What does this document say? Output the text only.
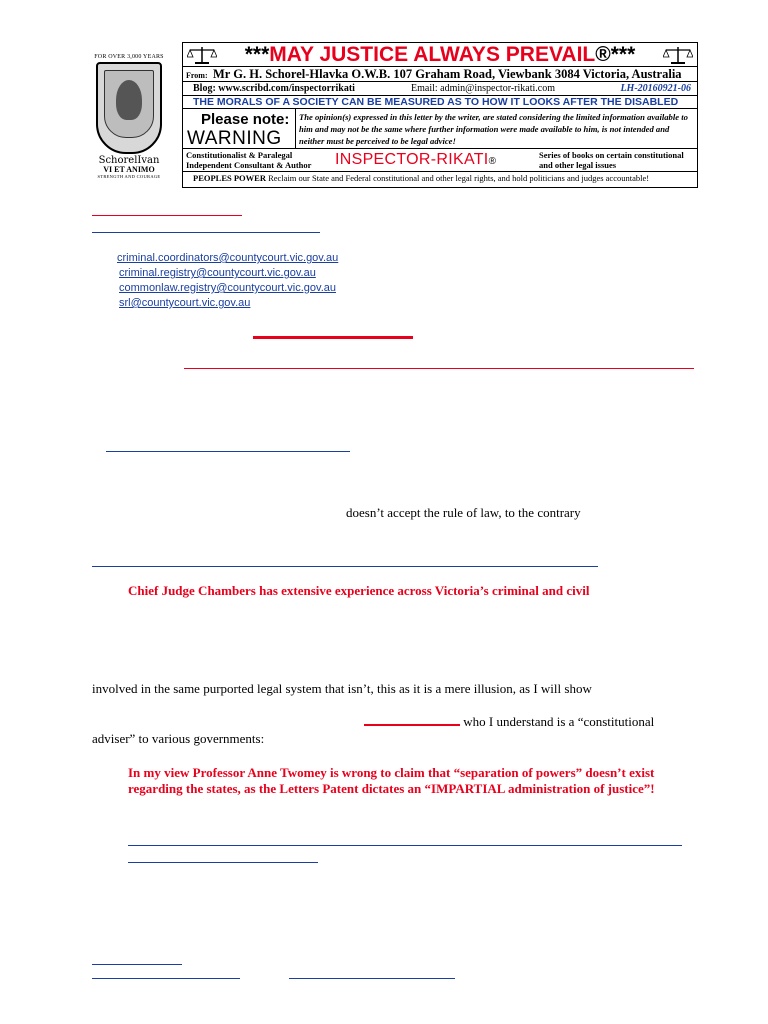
FOR OVER 3,000 YEARS
SchorelIvan
VI ET ANIMO
STRENGTH AND COURAGE
***MAY JUSTICE ALWAYS PREVAIL®***
From: Mr G. H. Schorel-Hlavka O.W.B. 107 Graham Road, Viewbank 3084 Victoria, Australia
Blog: www.scribd.com/inspectorrikati	Email: admin@inspector-rikati.com	LH-20160921-06
THE MORALS OF A SOCIETY CAN BE MEASURED AS TO HOW IT LOOKS AFTER THE DISABLED
Please note:
WARNING
The opinion(s) expressed in this letter by the writer, are stated considering the limited information available to him and may not be the same where further information were made available to him, is not intended and neither must be perceived to be legal advice!
Constitutionalist & Paralegal
Independent Consultant & Author INSPECTOR-RIKATI®
Series of books on certain constitutional and other legal issues
PEOPLES POWER Reclaim our State and Federal constitutional and other legal rights, and hold politicians and judges accountable!
criminal.coordinators@countycourt.vic.gov.au
criminal.registry@countycourt.vic.gov.au
commonlaw.registry@countycourt.vic.gov.au
srl@countycourt.vic.gov.au
doesn’t accept the rule of law, to the contrary
Chief Judge Chambers has extensive experience across Victoria’s criminal and civil
involved in the same purported legal system that isn’t, this as it is a mere illusion, as I will show
who I understand is a “constitutional
adviser” to various governments:
In my view Professor Anne Twomey is wrong to claim that “separation of powers” doesn’t exist regarding the states, as the Letters Patent dictates an “IMPARTIAL administration of justice”!
